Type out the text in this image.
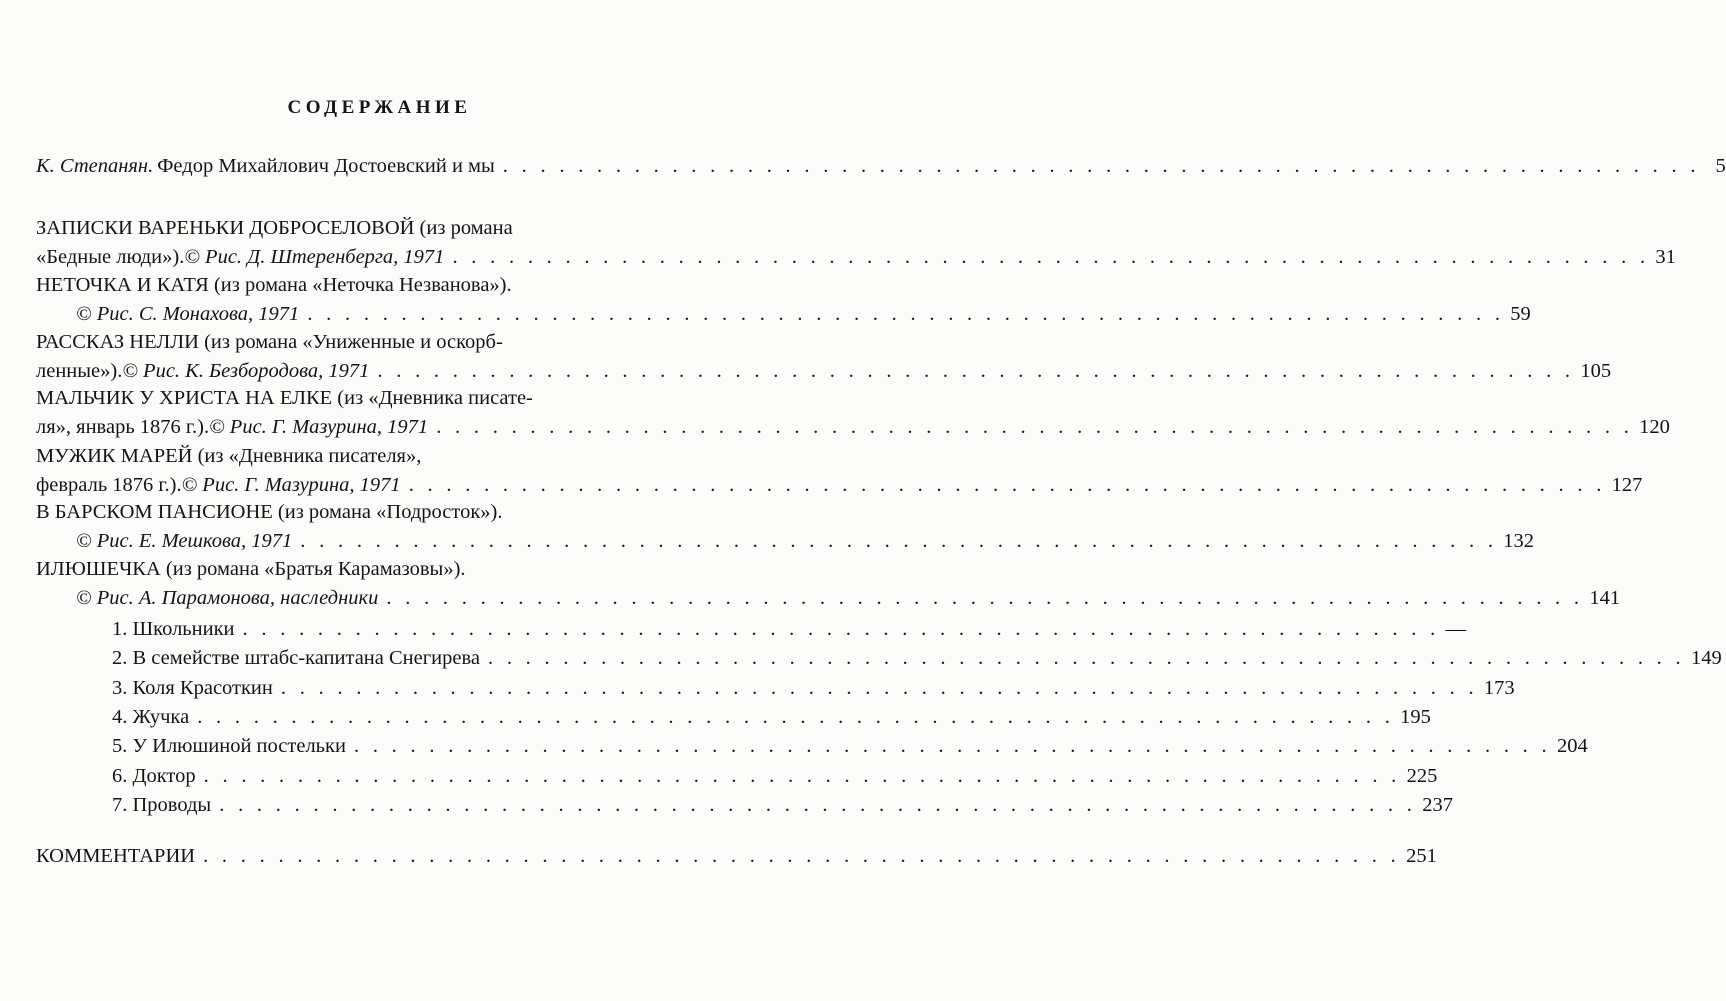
СОДЕРЖАНИЕ
К. Степанян. Федор Михайлович Достоевский и мы . . . . . . . . . . . . . . . . . . . . . . . . . . . . . . . . . . . . . . . . . . . . . . . . . . . . . . . . . . . . . . . . 5
ЗАПИСКИ ВАРЕНЬКИ ДОБРОСЕЛОВОЙ (из романа
«Бедные люди»). © Рис. Д. Штеренберга, 1971 . . . . . . . . . . . . . . . . . . . . . . . . . . . . . . . . . . . . . . . . . . . . . . . . . . . . . . . . . . . . . . . . 31
НЕТОЧКА И КАТЯ (из романа «Неточка Незванова»).
© Рис. С. Монахова, 1971 . . . . . . . . . . . . . . . . . . . . . . . . . . . . . . . . . . . . . . . . . . . . . . . . . . . . . . . . . . . . . . . . 59
РАССКАЗ НЕЛЛИ (из романа «Униженные и оскорб-
ленные»). © Рис. К. Безбородова, 1971 . . . . . . . . . . . . . . . . . . . . . . . . . . . . . . . . . . . . . . . . . . . . . . . . . . . . . . . . . . . . . . . . 105
МАЛЬЧИК У ХРИСТА НА ЕЛКЕ (из «Дневника писате-
ля», январь 1876 г.). © Рис. Г. Мазурина, 1971 . . . . . . . . . . . . . . . . . . . . . . . . . . . . . . . . . . . . . . . . . . . . . . . . . . . . . . . . . . . . . . . . 120
МУЖИК МАРЕЙ (из «Дневника писателя»,
февраль 1876 г.). © Рис. Г. Мазурина, 1971 . . . . . . . . . . . . . . . . . . . . . . . . . . . . . . . . . . . . . . . . . . . . . . . . . . . . . . . . . . . . . . . . 127
В БАРСКОМ ПАНСИОНЕ (из романа «Подросток»).
© Рис. Е. Мешкова, 1971 . . . . . . . . . . . . . . . . . . . . . . . . . . . . . . . . . . . . . . . . . . . . . . . . . . . . . . . . . . . . . . . . 132
ИЛЮШЕЧКА (из романа «Братья Карамазовы»).
© Рис. А. Парамонова, наследники . . . . . . . . . . . . . . . . . . . . . . . . . . . . . . . . . . . . . . . . . . . . . . . . . . . . . . . . . . . . . . . . 141
1. Школьники . . . . . . . . . . . . . . . . . . . . . . . . . . . . . . . . . . . . . . . . . . . . . . . . . . . . . . . . . . . . . . . . —
2. В семействе штабс-капитана Снегирева . . . . . . . . . . . . . . . . . . . . . . . . . . . . . . . . . . . . . . . . . . . . . . . . . . . . . . . . . . . . . . . . 149
3. Коля Красоткин . . . . . . . . . . . . . . . . . . . . . . . . . . . . . . . . . . . . . . . . . . . . . . . . . . . . . . . . . . . . . . . . 173
4. Жучка . . . . . . . . . . . . . . . . . . . . . . . . . . . . . . . . . . . . . . . . . . . . . . . . . . . . . . . . . . . . . . . . 195
5. У Илюшиной постельки . . . . . . . . . . . . . . . . . . . . . . . . . . . . . . . . . . . . . . . . . . . . . . . . . . . . . . . . . . . . . . . . 204
6. Доктор . . . . . . . . . . . . . . . . . . . . . . . . . . . . . . . . . . . . . . . . . . . . . . . . . . . . . . . . . . . . . . . . 225
7. Проводы . . . . . . . . . . . . . . . . . . . . . . . . . . . . . . . . . . . . . . . . . . . . . . . . . . . . . . . . . . . . . . . . 237
КОММЕНТАРИИ . . . . . . . . . . . . . . . . . . . . . . . . . . . . . . . . . . . . . . . . . . . . . . . . . . . . . . . . . . . . . . . . 251
